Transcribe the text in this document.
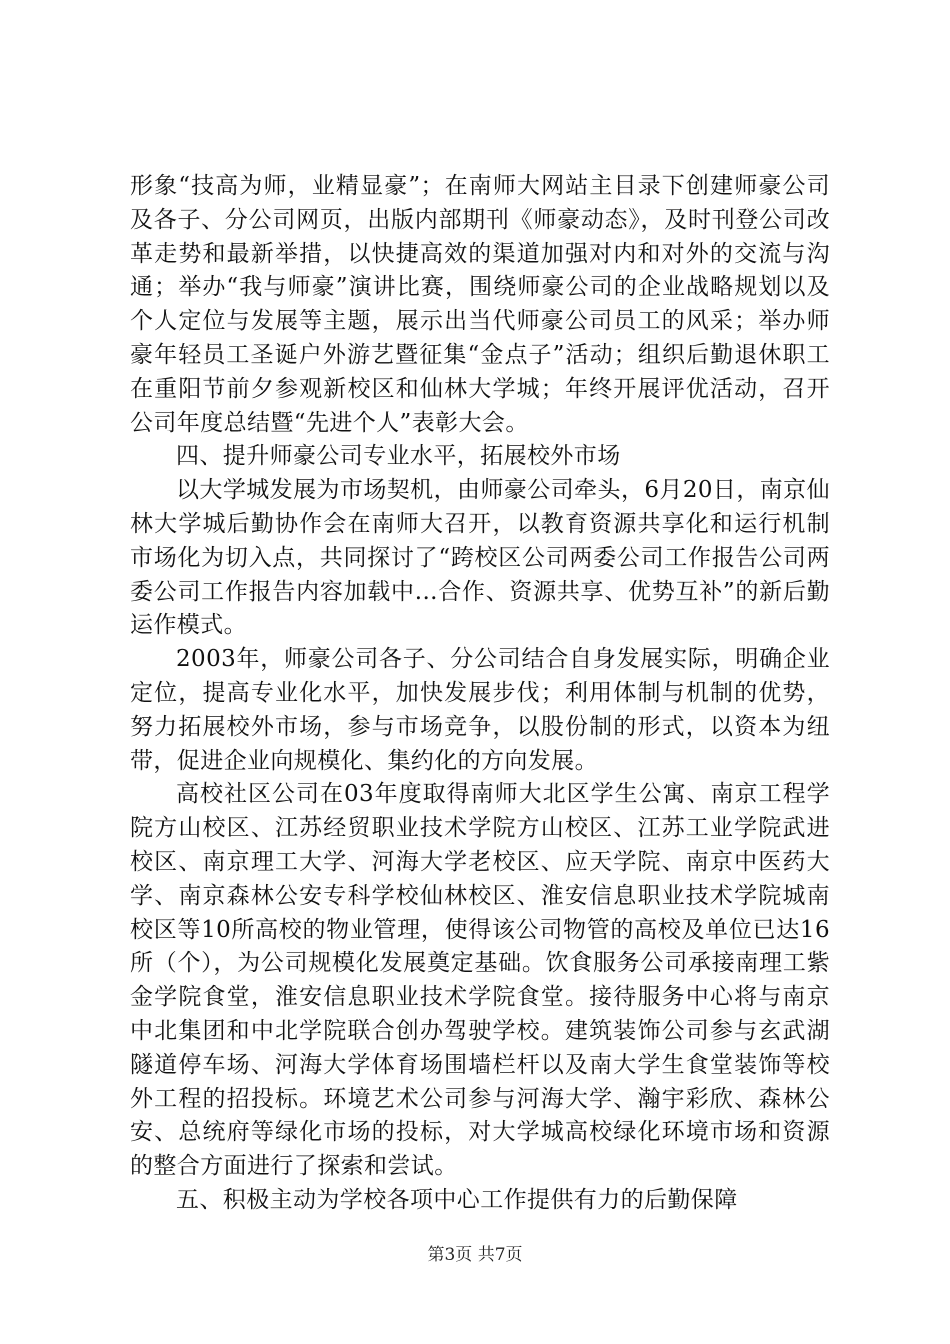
形象“技高为师，业精显豪”；在南师大网站主目录下创建师豪公司及各子、分公司网页，出版内部期刊《师豪动态》，及时刊登公司改革走势和最新举措，以快捷高效的渠道加强对内和对外的交流与沟通；举办“我与师豪”演讲比赛，围绕师豪公司的企业战略规划以及个人定位与发展等主题，展示出当代师豪公司员工的风采；举办师豪年轻员工圣诞户外游艺暨征集“金点子”活动；组织后勤退休职工在重阳节前夕参观新校区和仙林大学城；年终开展评优活动，召开公司年度总结暨“先进个人”表彰大会。

四、提升师豪公司专业水平，拓展校外市场

以大学城发展为市场契机，由师豪公司牵头，6月20日，南京仙林大学城后勤协作会在南师大召开，以教育资源共享化和运行机制市场化为切入点，共同探讨了“跨校区公司两委公司工作报告公司两委公司工作报告内容加载中...合作、资源共享、优势互补”的新后勤运作模式。

2003年，师豪公司各子、分公司结合自身发展实际，明确企业定位，提高专业化水平，加快发展步伐；利用体制与机制的优势，努力拓展校外市场，参与市场竞争，以股份制的形式，以资本为纽带，促进企业向规模化、集约化的方向发展。

高校社区公司在03年度取得南师大北区学生公寓、南京工程学院方山校区、江苏经贸职业技术学院方山校区、江苏工业学院武进校区、南京理工大学、河海大学老校区、应天学院、南京中医药大学、南京森林公安专科学校仙林校区、淮安信息职业技术学院城南校区等10所高校的物业管理，使得该公司物管的高校及单位已达16所（个），为公司规模化发展奠定基础。饮食服务公司承接南理工紫金学院食堂，淮安信息职业技术学院食堂。接待服务中心将与南京中北集团和中北学院联合创办驾驶学校。建筑装饰公司参与玄武湖隧道停车场、河海大学体育场围墙栏杆以及南大学生食堂装饰等校外工程的招投标。环境艺术公司参与河海大学、瀚宇彩欣、森林公安、总统府等绿化市场的投标，对大学城高校绿化环境市场和资源的整合方面进行了探索和尝试。

五、积极主动为学校各项中心工作提供有力的后勤保障

第3页 共7页
